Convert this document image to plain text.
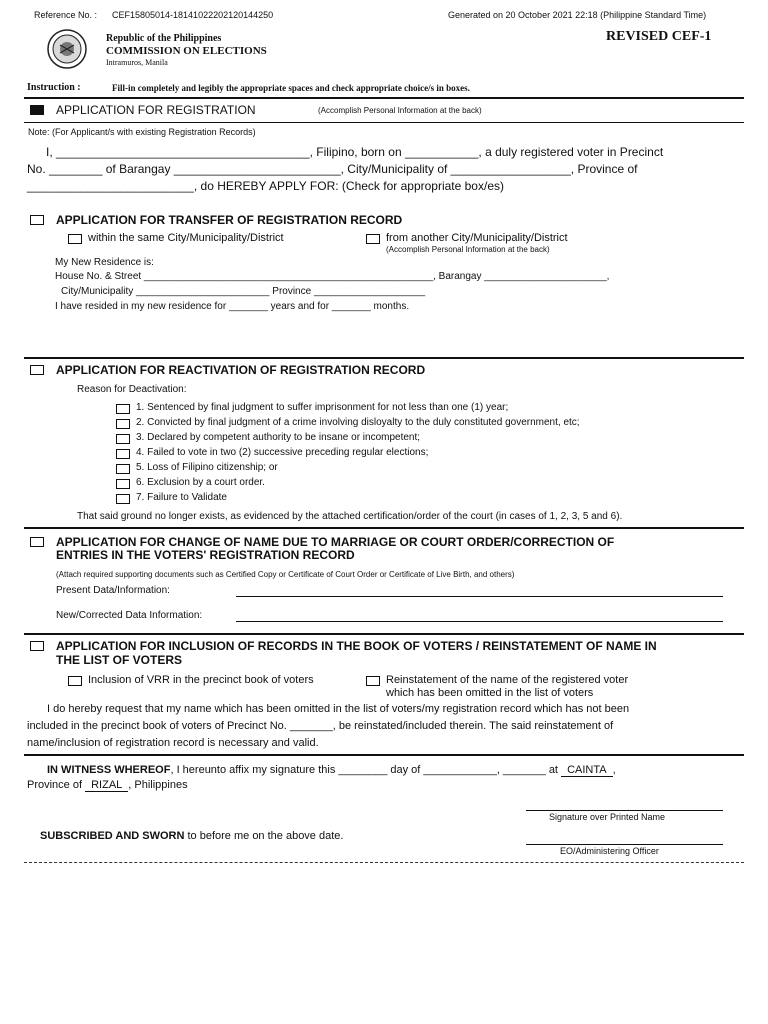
Reference No. : CEF15805014-18141022202120144250	Generated on 20 October 2021 22:18 (Philippine Standard Time)
REVISED CEF-1
Republic of the Philippines
COMMISSION ON ELECTIONS
Intramuros, Manila
Instruction :	Fill-in completely and legibly the appropriate spaces and check appropriate choice/s in boxes.
APPLICATION FOR REGISTRATION	(Accomplish Personal Information at the back)
Note: (For Applicant/s with existing Registration Records)
I, ______________________________________, Filipino, born on ___________, a duly registered voter in Precinct
No. ________ of Barangay _________________________, City/Municipality of __________________, Province of
_________________________, do HEREBY APPLY FOR: (Check for appropriate box/es)
APPLICATION FOR TRANSFER OF REGISTRATION RECORD
within the same City/Municipality/District	from another City/Municipality/District
(Accomplish Personal Information at the back)
My New Residence is:
House No. & Street ____________________________________________________, Barangay ______________________,
City/Municipality ________________________ Province ____________________
I have resided in my new residence for _______ years and for _______ months.
APPLICATION FOR REACTIVATION OF REGISTRATION RECORD
Reason for Deactivation:
1. Sentenced by final judgment to suffer imprisonment for not less than one (1) year;
2. Convicted by final judgment of a crime involving disloyalty to the duly constituted government, etc;
3. Declared by competent authority to be insane or incompetent;
4. Failed to vote in two (2) successive preceding regular elections;
5. Loss of Filipino citizenship; or
6. Exclusion by a court order.
7. Failure to Validate
That said ground no longer exists, as evidenced by the attached certification/order of the court (in cases of 1, 2, 3, 5 and 6).
APPLICATION FOR CHANGE OF NAME DUE TO MARRIAGE OR COURT ORDER/CORRECTION OF
ENTRIES IN THE VOTERS' REGISTRATION RECORD
(Attach required supporting documents such as Certified Copy or Certificate of Court Order or Certificate of Live Birth, and others)
Present Data/Information:
New/Corrected Data Information:
APPLICATION FOR INCLUSION OF RECORDS IN THE BOOK OF VOTERS / REINSTATEMENT OF NAME IN
THE LIST OF VOTERS
Inclusion of VRR in the precinct book of voters	Reinstatement of the name of the registered voter
which has been omitted in the list of voters
I do hereby request that my name which has been omitted in the list of voters/my registration record which has not been
included in the precinct book of voters of Precinct No. _______, be reinstated/included therein. The said reinstatement of
name/inclusion of registration record is necessary and valid.
IN WITNESS WHEREOF, I hereunto affix my signature this ________ day of ____________, _______ at CAINTA ,
Province of RIZAL , Philippines
Signature over Printed Name
SUBSCRIBED AND SWORN to before me on the above date.
EO/Administering Officer
